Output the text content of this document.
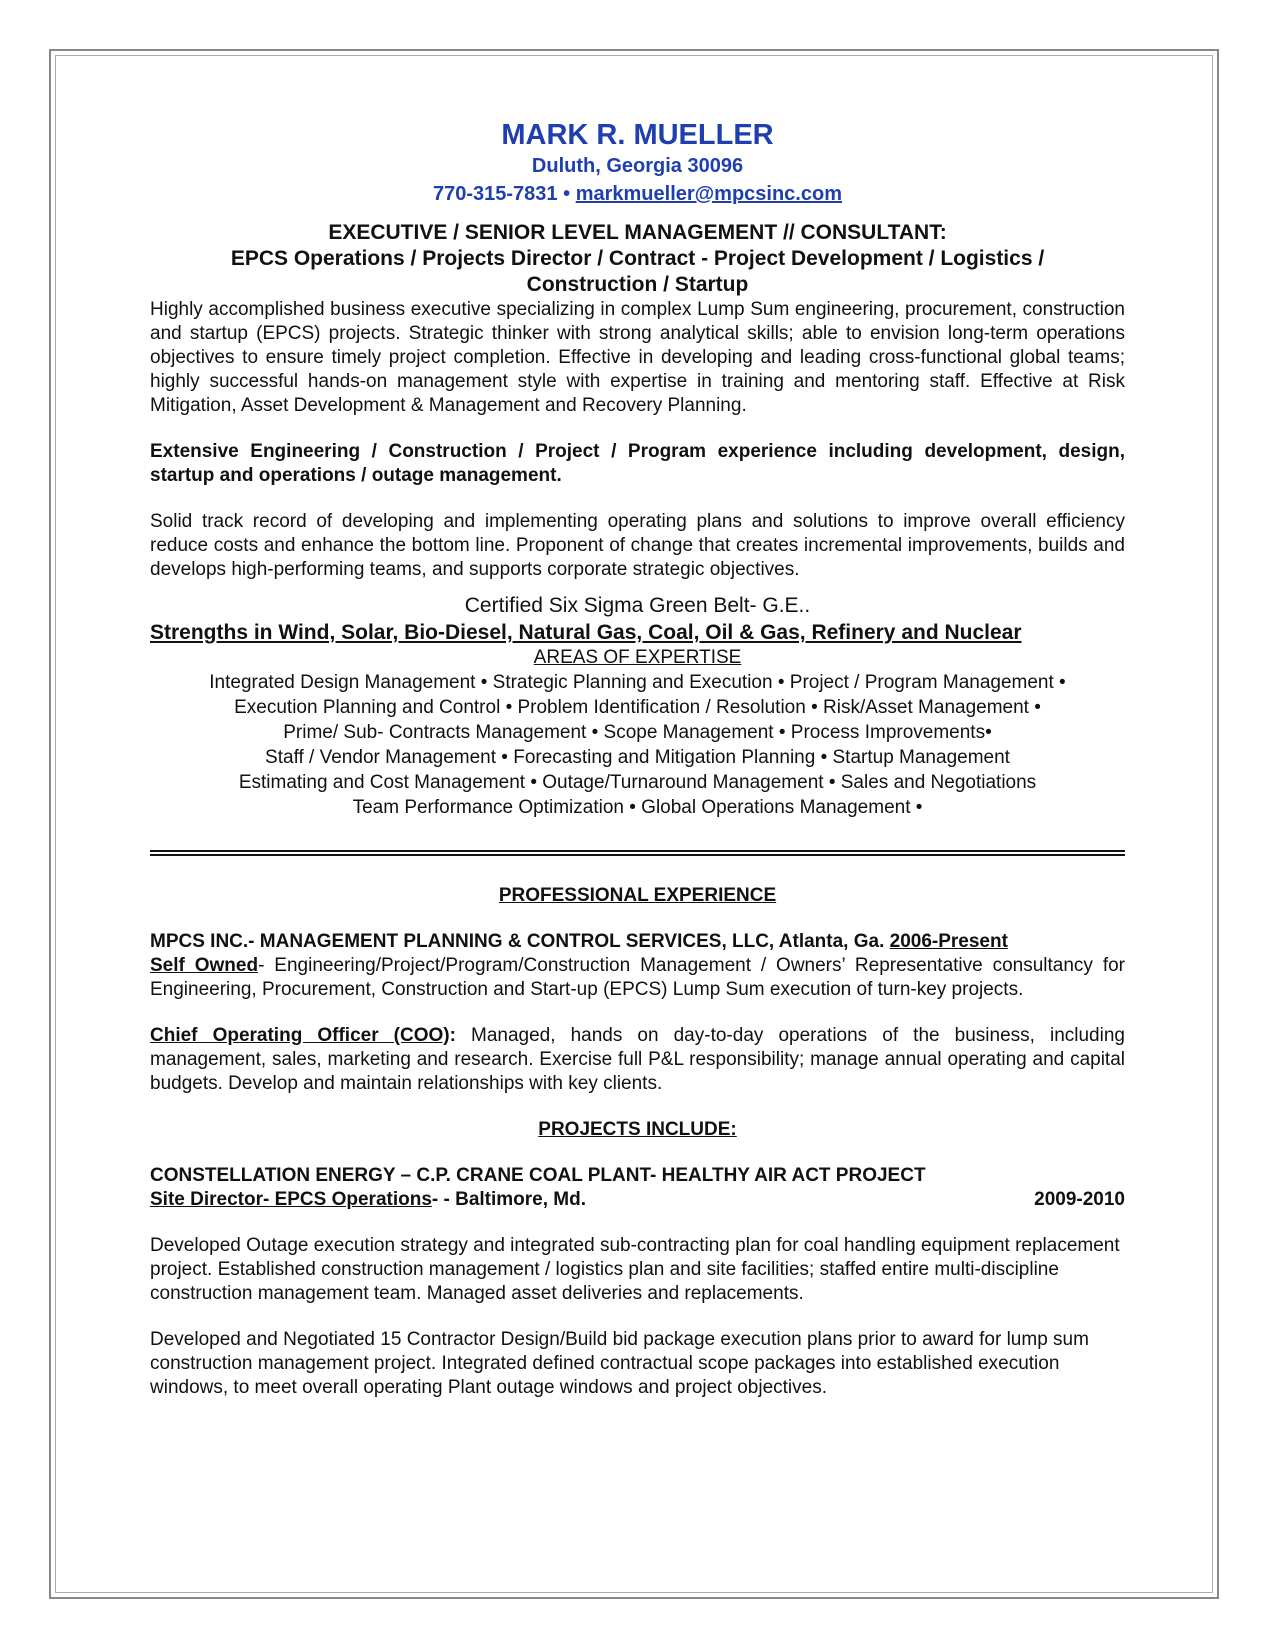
MARK R. MUELLER
Duluth, Georgia 30096
770-315-7831 • markmueller@mpcsinc.com
EXECUTIVE / SENIOR LEVEL MANAGEMENT // CONSULTANT:
EPCS Operations / Projects Director / Contract - Project Development / Logistics /
Construction / Startup

Highly accomplished business executive specializing in complex Lump Sum engineering, procurement, construction and startup (EPCS) projects. Strategic thinker with strong analytical skills; able to envision long-term operations objectives to ensure timely project completion. Effective in developing and leading cross-functional global teams; highly successful hands-on management style with expertise in training and mentoring staff. Effective at Risk Mitigation, Asset Development & Management and Recovery Planning.

Extensive Engineering / Construction / Project / Program experience including development, design, startup and operations / outage management.

Solid track record of developing and implementing operating plans and solutions to improve overall efficiency reduce costs and enhance the bottom line. Proponent of change that creates incremental improvements, builds and develops high-performing teams, and supports corporate strategic objectives.

Certified Six Sigma Green Belt- G.E..
Strengths in Wind, Solar, Bio-Diesel, Natural Gas, Coal, Oil & Gas, Refinery and Nuclear
AREAS OF EXPERTISE
Integrated Design Management • Strategic Planning and Execution • Project / Program Management •
Execution Planning and Control • Problem Identification / Resolution • Risk/Asset Management •
Prime/ Sub- Contracts Management • Scope Management • Process Improvements•
Staff / Vendor Management • Forecasting and Mitigation Planning • Startup Management
Estimating and Cost Management • Outage/Turnaround Management • Sales and Negotiations
Team Performance Optimization • Global Operations Management •
PROFESSIONAL EXPERIENCE
MPCS INC.- MANAGEMENT PLANNING & CONTROL SERVICES, LLC, Atlanta, Ga. 2006-Present

Self Owned- Engineering/Project/Program/Construction Management / Owners’ Representative consultancy for Engineering, Procurement, Construction and Start-up (EPCS) Lump Sum execution of turn-key projects.

Chief Operating Officer (COO): Managed, hands on day-to-day operations of the business, including management, sales, marketing and research. Exercise full P&L responsibility; manage annual operating and capital budgets. Develop and maintain relationships with key clients.

PROJECTS INCLUDE:
CONSTELLATION ENERGY – C.P. CRANE COAL PLANT- HEALTHY AIR ACT PROJECT
Site Director- EPCS Operations- - Baltimore, Md.	2009-2010

Developed Outage execution strategy and integrated sub-contracting plan for coal handling equipment replacement project. Established construction management / logistics plan and site facilities; staffed entire multi-discipline construction management team. Managed asset deliveries and replacements.

Developed and Negotiated 15 Contractor Design/Build bid package execution plans prior to award for lump sum construction management project. Integrated defined contractual scope packages into established execution windows, to meet overall operating Plant outage windows and project objectives.
